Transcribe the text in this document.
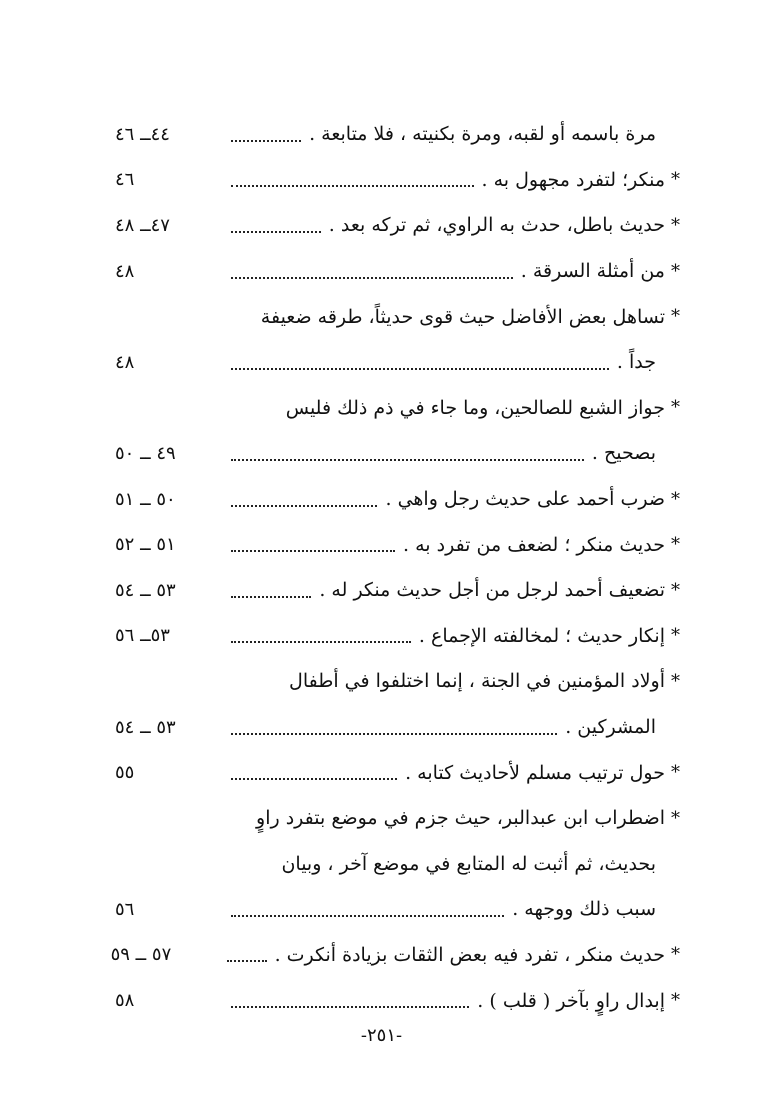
مرة باسمه أو لقبه، ومرة بكنيته ، فلا متابعة .
٤٤ــ ٤٦
*
منكر؛ لتفرد مجهول به .
٤٦
*
حديث باطل، حدث به الراوي، ثم تركه بعد .
٤٧ــ ٤٨
*
من أمثلة السرقة .
٤٨
*
تساهل بعض الأفاضل حيث قوى حديثاً، طرقه ضعيفة
جداً .
٤٨
*
جواز الشبع للصالحين، وما جاء في ذم ذلك فليس
بصحيح .
٤٩ ــ ٥٠
*
ضرب أحمد على حديث رجل واهي .
٥٠ ــ ٥١
*
حديث منكر ؛ لضعف من تفرد به .
٥١ ــ ٥٢
*
تضعيف أحمد لرجل من أجل حديث منكر له .
٥٣ ــ ٥٤
*
إنكار حديث ؛ لمخالفته الإجماع .
٥٣ــ ٥٦
*
أولاد المؤمنين في الجنة ، إنما اختلفوا في أطفال
المشركين .
٥٣ ــ ٥٤
*
حول ترتيب مسلم لأحاديث كتابه .
٥٥
*
اضطراب ابن عبدالبر، حيث جزم في موضع بتفرد راوٍ
بحديث، ثم أثبت له المتابع في موضع آخر ، وبيان
سبب ذلك ووجهه .
٥٦
*
حديث منكر ، تفرد فيه بعض الثقات بزيادة أنكرت .
٥٧ ــ ٥٩
*
إبدال راوٍ بآخر ( قلب ) .
٥٨
-٢٥١-
